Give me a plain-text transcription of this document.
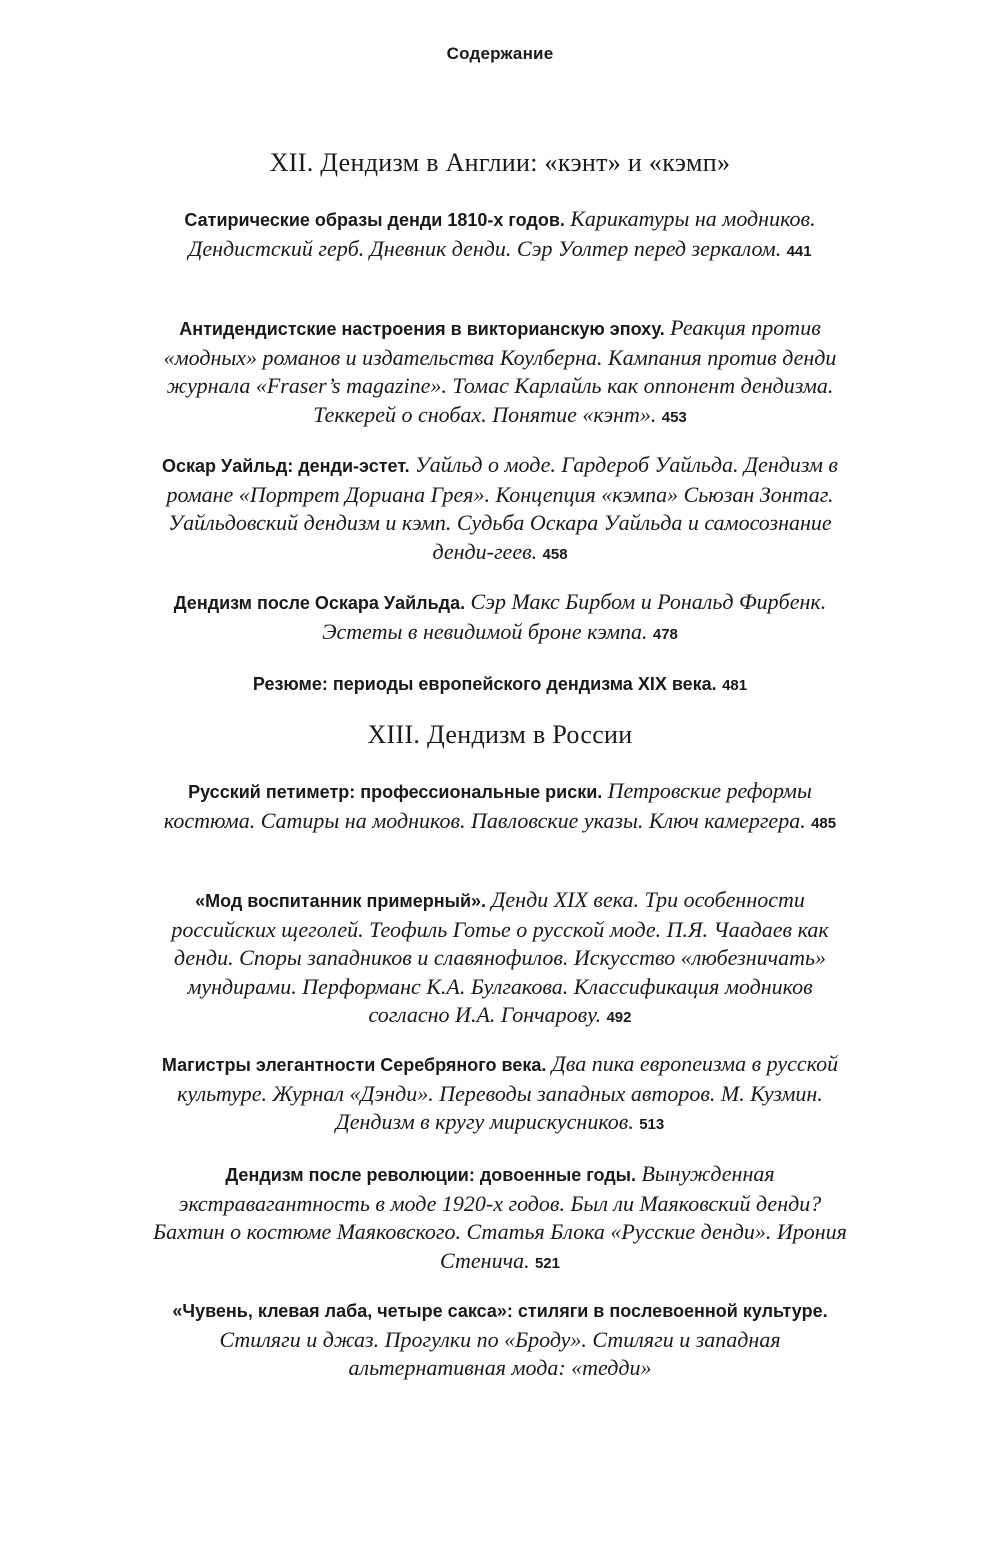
Содержание
XII. Дендизм в Англии: «кэнт» и «кэмп»
Сатирические образы денди 1810-х годов. Карикатуры на модников. Дендистский герб. Дневник денди. Сэр Уолтер перед зеркалом. 441
Антидендистские настроения в викторианскую эпоху. Реакция против «модных» романов и издательства Коулберна. Кампания против денди журнала «Fraser’s magazine». Томас Карлайль как оппонент дендизма. Теккерей о снобах. Понятие «кэнт». 453
Оскар Уайльд: денди-эстет. Уайльд о моде. Гардероб Уайльда. Дендизм в романе «Портрет Дориана Грея». Концепция «кэмпа» Сьюзан Зонтаг. Уайльдовский дендизм и кэмп. Судьба Оскара Уайльда и самосознание денди-геев. 458
Дендизм после Оскара Уайльда. Сэр Макс Бирбом и Рональд Фирбенк. Эстеты в невидимой броне кэмпа. 478
Резюме: периоды европейского дендизма XIX века. 481
XIII. Дендизм в России
Русский петиметр: профессиональные риски. Петровские реформы костюма. Сатиры на модников. Павловские указы. Ключ камергера. 485
«Мод воспитанник примерный». Денди XIX века. Три особенности российских щеголей. Теофиль Готье о русской моде. П.Я. Чаадаев как денди. Споры западников и славянофилов. Искусство «любезничать» мундирами. Перформанс К.А. Булгакова. Классификация модников согласно И.А. Гончарову. 492
Магистры элегантности Серебряного века. Два пика европеизма в русской культуре. Журнал «Дэнди». Переводы западных авторов. М. Кузмин. Дендизм в кругу мирискусников. 513
Дендизм после революции: довоенные годы. Вынужденная экстравагантность в моде 1920-х годов. Был ли Маяковский денди? Бахтин о костюме Маяковского. Статья Блока «Русские денди». Ирония Стенича. 521
«Чувень, клевая лаба, четыре сакса»: стиляги в послевоенной культуре. Стиляги и джаз. Прогулки по «Броду». Стиляги и западная альтернативная мода: «тедди»
